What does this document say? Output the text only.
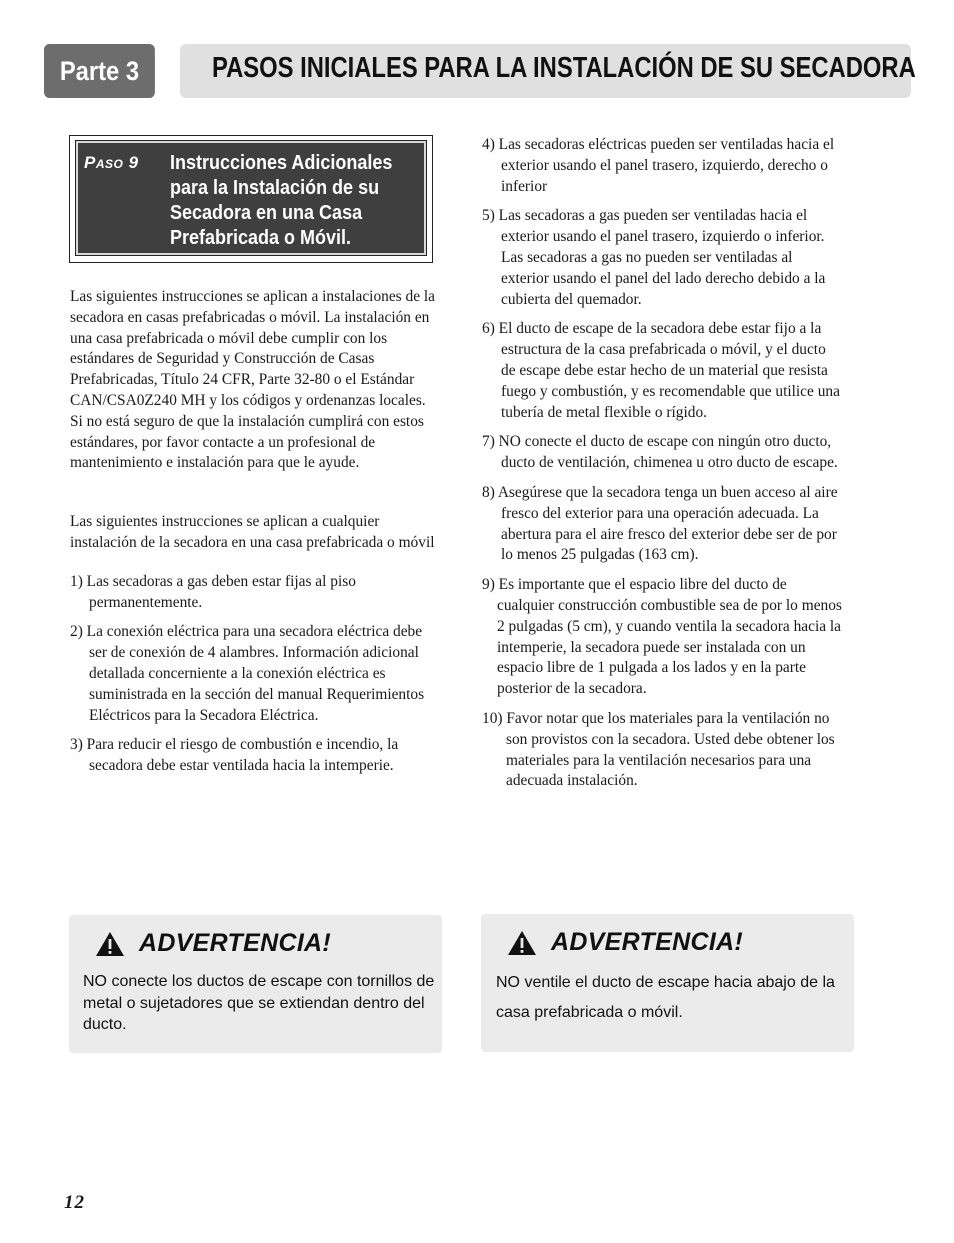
Parte 3	PASOS INICIALES PARA LA INSTALACIÓN DE SU SECADORA
Paso 9 Instrucciones Adicionales para la Instalación de su Secadora en una Casa Prefabricada o Móvil.

Las siguientes instrucciones se aplican a instalaciones de la secadora en casas prefabricadas o móvil. La instalación en una casa prefabricada o móvil debe cumplir con los estándares de Seguridad y Construcción de Casas Prefabricadas, Título 24 CFR, Parte 32-80 o el Estándar CAN/CSA0Z240 MH y los códigos y ordenanzas locales. Si no está seguro de que la instalación cumplirá con estos estándares, por favor contacte a un profesional de mantenimiento e instalación para que le ayude.

Las siguientes instrucciones se aplican a cualquier instalación de la secadora en una casa prefabricada o móvil

1) Las secadoras a gas deben estar fijas al piso permanentemente.

2) La conexión eléctrica para una secadora eléctrica debe ser de conexión de 4 alambres. Información adicional detallada concerniente a la conexión eléctrica es suministrada en la sección del manual Requerimientos Eléctricos para la Secadora Eléctrica.

3) Para reducir el riesgo de combustión e incendio, la secadora debe estar ventilada hacia la intemperie.

4) Las secadoras eléctricas pueden ser ventiladas hacia el exterior usando el panel trasero, izquierdo, derecho o inferior

5) Las secadoras a gas pueden ser ventiladas hacia el exterior usando el panel trasero, izquierdo o inferior. Las secadoras a gas no pueden ser ventiladas al exterior usando el panel del lado derecho debido a la cubierta del quemador.

6) El ducto de escape de la secadora debe estar fijo a la estructura de la casa prefabricada o móvil, y el ducto de escape debe estar hecho de un material que resista fuego y combustión, y es recomendable que utilice una tubería de metal flexible o rígido.

7) NO conecte el ducto de escape con ningún otro ducto, ducto de ventilación, chimenea u otro ducto de escape.

8) Asegúrese que la secadora tenga un buen acceso al aire fresco del exterior para una operación adecuada. La abertura para el aire fresco del exterior debe ser de por lo menos 25 pulgadas (163 cm).

9) Es importante que el espacio libre del ducto de cualquier construcción combustible sea de por lo menos 2 pulgadas (5 cm), y cuando ventila la secadora hacia la intemperie, la secadora puede ser instalada con un espacio libre de 1 pulgada a los lados y en la parte posterior de la secadora.

10) Favor notar que los materiales para la ventilación no son provistos con la secadora. Usted debe obtener los materiales para la ventilación necesarios para una adecuada instalación.

ADVERTENCIA!

NO conecte los ductos de escape con tornillos de metal o sujetadores que se extiendan dentro del ducto.

ADVERTENCIA!

NO ventile el ducto de escape hacia abajo de la casa prefabricada o móvil.

12
